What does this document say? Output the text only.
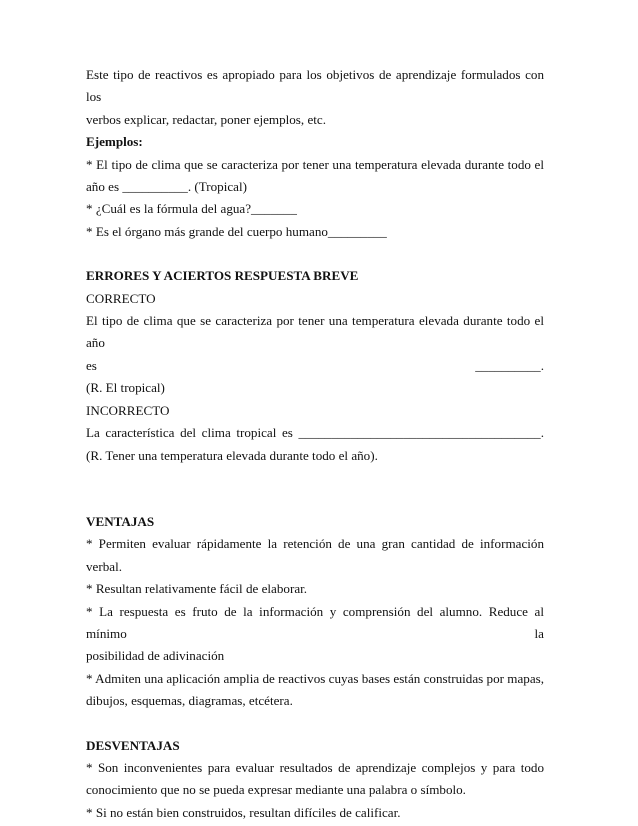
Este tipo de reactivos es apropiado para los objetivos de aprendizaje formulados con los

verbos explicar, redactar, poner ejemplos, etc.

Ejemplos:

* El tipo de clima que se caracteriza por tener una temperatura elevada durante todo el

año es __________. (Tropical)

* ¿Cuál es la fórmula del agua?_______

* Es el órgano más grande del cuerpo humano_________

ERRORES Y ACIERTOS RESPUESTA BREVE

CORRECTO

El tipo de clima que se caracteriza por tener una temperatura elevada durante todo el año

es	__________.

(R. El tropical)

INCORRECTO

La característica del clima tropical es _____________________________________.

(R. Tener una temperatura elevada durante todo el año).

VENTAJAS

* Permiten evaluar rápidamente la retención de una gran cantidad de información verbal.

* Resultan relativamente fácil de elaborar.

* La respuesta es fruto de la información y comprensión del alumno. Reduce al mínimo la

posibilidad de adivinación

* Admiten una aplicación amplia de reactivos cuyas bases están construidas por mapas,

dibujos, esquemas, diagramas, etcétera.

DESVENTAJAS

* Son inconvenientes para evaluar resultados de aprendizaje complejos y para todo

conocimiento que no se pueda expresar mediante una palabra o símbolo.

* Si no están bien construidos, resultan difíciles de calificar.
